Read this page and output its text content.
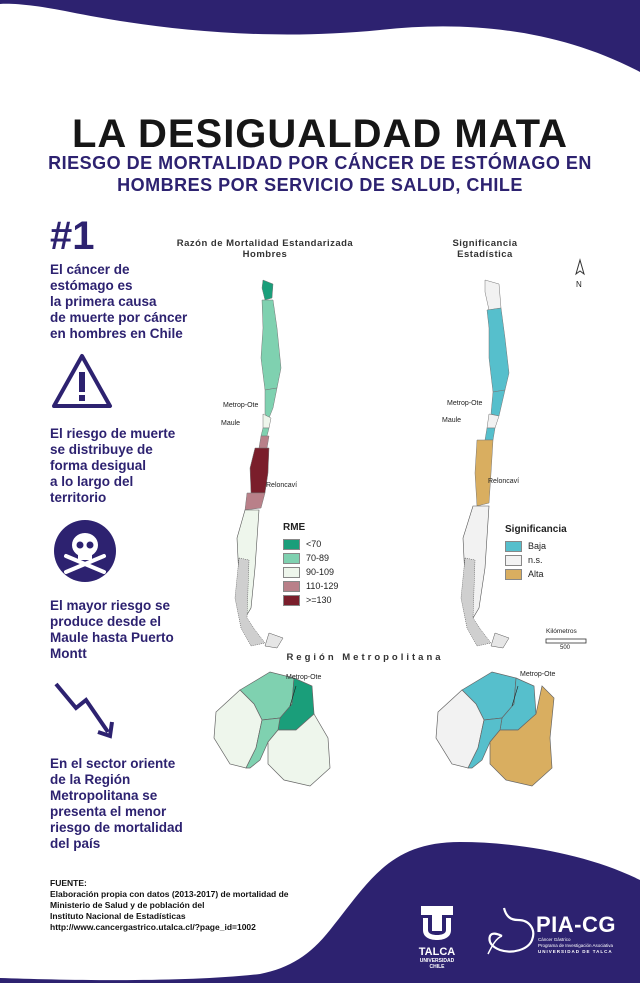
LA DESIGUALDAD MATA
RIESGO DE MORTALIDAD POR CÁNCER DE ESTÓMAGO EN
HOMBRES POR SERVICIO DE SALUD, CHILE
#1
El cáncer de
estómago es
la primera causa
de muerte por cáncer
en hombres en Chile
El riesgo de muerte
se distribuye de
forma desigual
a lo largo del
territorio
El mayor riesgo se
produce desde el
Maule hasta Puerto
Montt
En el sector oriente
de la Región
Metropolitana se
presenta el menor
riesgo de mortalidad
del país
Razón de Mortalidad Estandarizada
Hombres
Significancia
Estadística
N
Metrop-Ote
Maule
Reloncaví
Metrop-Ote
Maule
Reloncaví
RME
<70
70-89
90-109
110-129
>=130
Significancia
Baja
n.s.
Alta
Kilómetros
500
Región Metropolitana
Metrop-Ote	Metrop-Ote
FUENTE:
Elaboración propia con datos (2013-2017) de mortalidad de
Ministerio de Salud y de población del
Instituto Nacional de Estadísticas
http://www.cancergastrico.utalca.cl/?page_id=1002
TALCA
UNIVERSIDAD
CHILE
PIA-CG
Cáncer Gástrico
Programa de Investigación Asociativa
UNIVERSIDAD DE TALCA
